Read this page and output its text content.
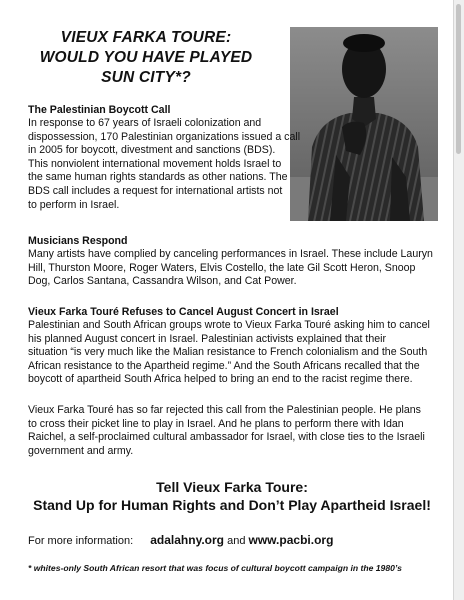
VIEUX FARKA TOURE:
WOULD YOU HAVE PLAYED
SUN CITY*?
The Palestinian Boycott Call
In response to 67 years of Israeli colonization and
dispossession, 170 Palestinian organizations issued a call
in 2005 for boycott, divestment and sanctions (BDS).
This nonviolent international movement holds Israel to
the same human rights standards as other nations. The
BDS call includes a request for international artists not
to perform in Israel.
Musicians Respond
Many artists have complied by canceling performances in Israel. These include Lauryn
Hill, Thurston Moore, Roger Waters, Elvis Costello, the late Gil Scott Heron, Snoop
Dog, Carlos Santana, Cassandra Wilson, and Cat Power.
Vieux Farka Touré Refuses to Cancel August Concert in Israel
Palestinian and South African groups wrote to Vieux Farka Touré asking him to cancel
his planned August concert in Israel. Palestinian activists explained that their
situation “is very much like the Malian resistance to French colonialism and the South
African resistance to the Apartheid regime.” And the South Africans recalled that the
boycott of apartheid South Africa helped to bring an end to the racist regime there.
Vieux Farka Touré has so far rejected this call from the Palestinian people. He plans
to cross their picket line to play in Israel. And he plans to perform there with Idan
Raichel, a self-proclaimed cultural ambassador for Israel, with close ties to the Israeli
government and army.
Tell Vieux Farka Toure:
Stand Up for Human Rights and Don’t Play Apartheid Israel!
For more information: adalahny.org and www.pacbi.org
* whites-only South African resort that was focus of cultural boycott campaign in the 1980’s
